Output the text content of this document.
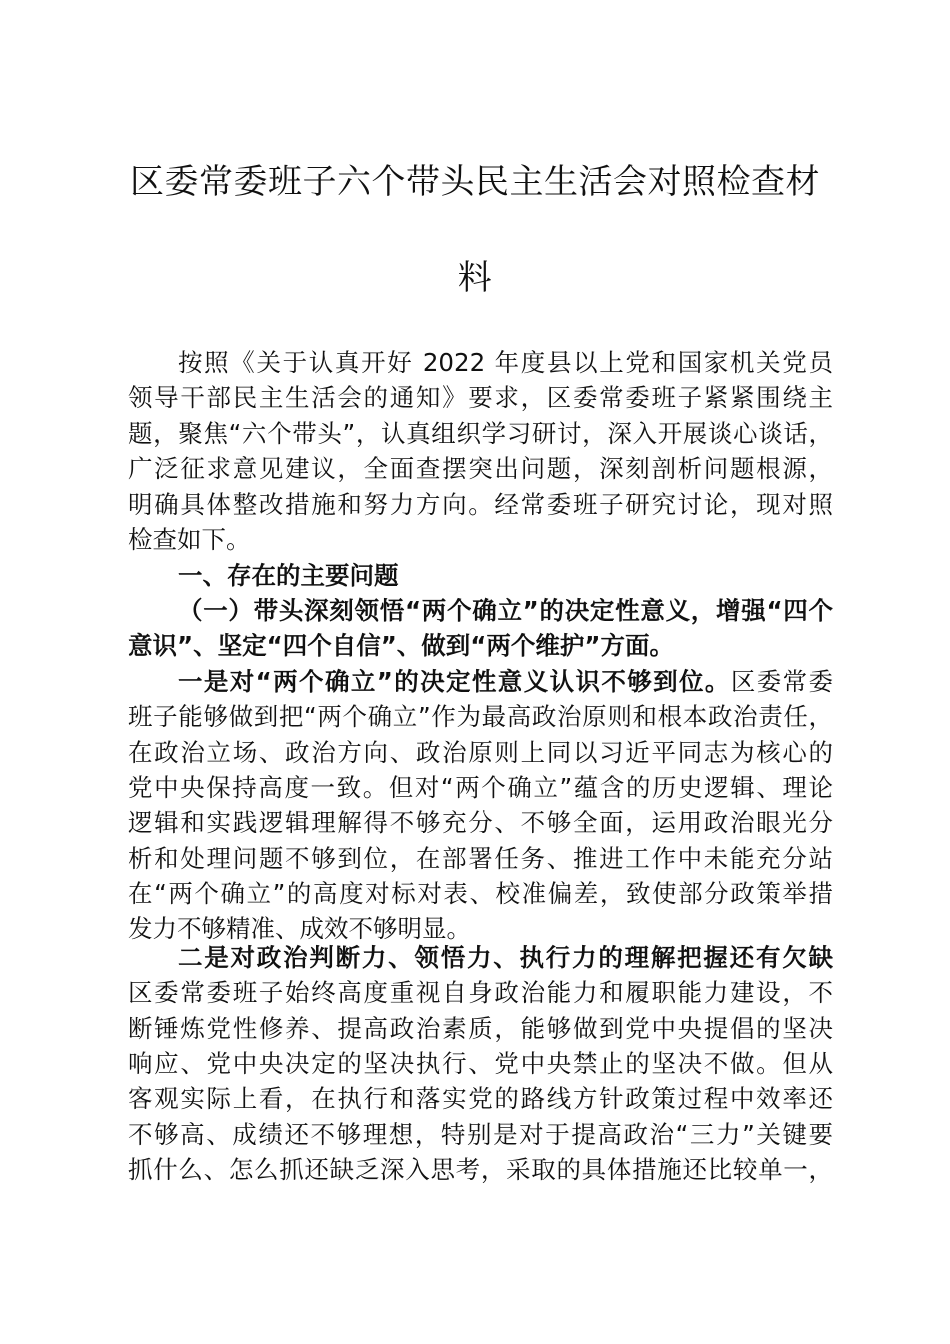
区委常委班子六个带头民主生活会对照检查材
料
按照《关于认真开好 2022 年度县以上党和国家机关党员
领导干部民主生活会的通知》要求，区委常委班子紧紧围绕主
题，聚焦“六个带头”，认真组织学习研讨，深入开展谈心谈话，
广泛征求意见建议，全面查摆突出问题，深刻剖析问题根源，
明确具体整改措施和努力方向。经常委班子研究讨论，现对照
检查如下。
一、存在的主要问题
（一）带头深刻领悟“两个确立”的决定性意义，增强“四个
意识”、坚定“四个自信”、做到“两个维护”方面。
一是对“两个确立”的决定性意义认识不够到位。区委常委
班子能够做到把“两个确立”作为最高政治原则和根本政治责任，
在政治立场、政治方向、政治原则上同以习近平同志为核心的
党中央保持高度一致。但对“两个确立”蕴含的历史逻辑、理论
逻辑和实践逻辑理解得不够充分、不够全面，运用政治眼光分
析和处理问题不够到位，在部署任务、推进工作中未能充分站
在“两个确立”的高度对标对表、校准偏差，致使部分政策举措
发力不够精准、成效不够明显。
二是对政治判断力、领悟力、执行力的理解把握还有欠缺
区委常委班子始终高度重视自身政治能力和履职能力建设，不
断锤炼党性修养、提高政治素质，能够做到党中央提倡的坚决
响应、党中央决定的坚决执行、党中央禁止的坚决不做。但从
客观实际上看，在执行和落实党的路线方针政策过程中效率还
不够高、成绩还不够理想，特别是对于提高政治“三力”关键要
抓什么、怎么抓还缺乏深入思考，采取的具体措施还比较单一，
